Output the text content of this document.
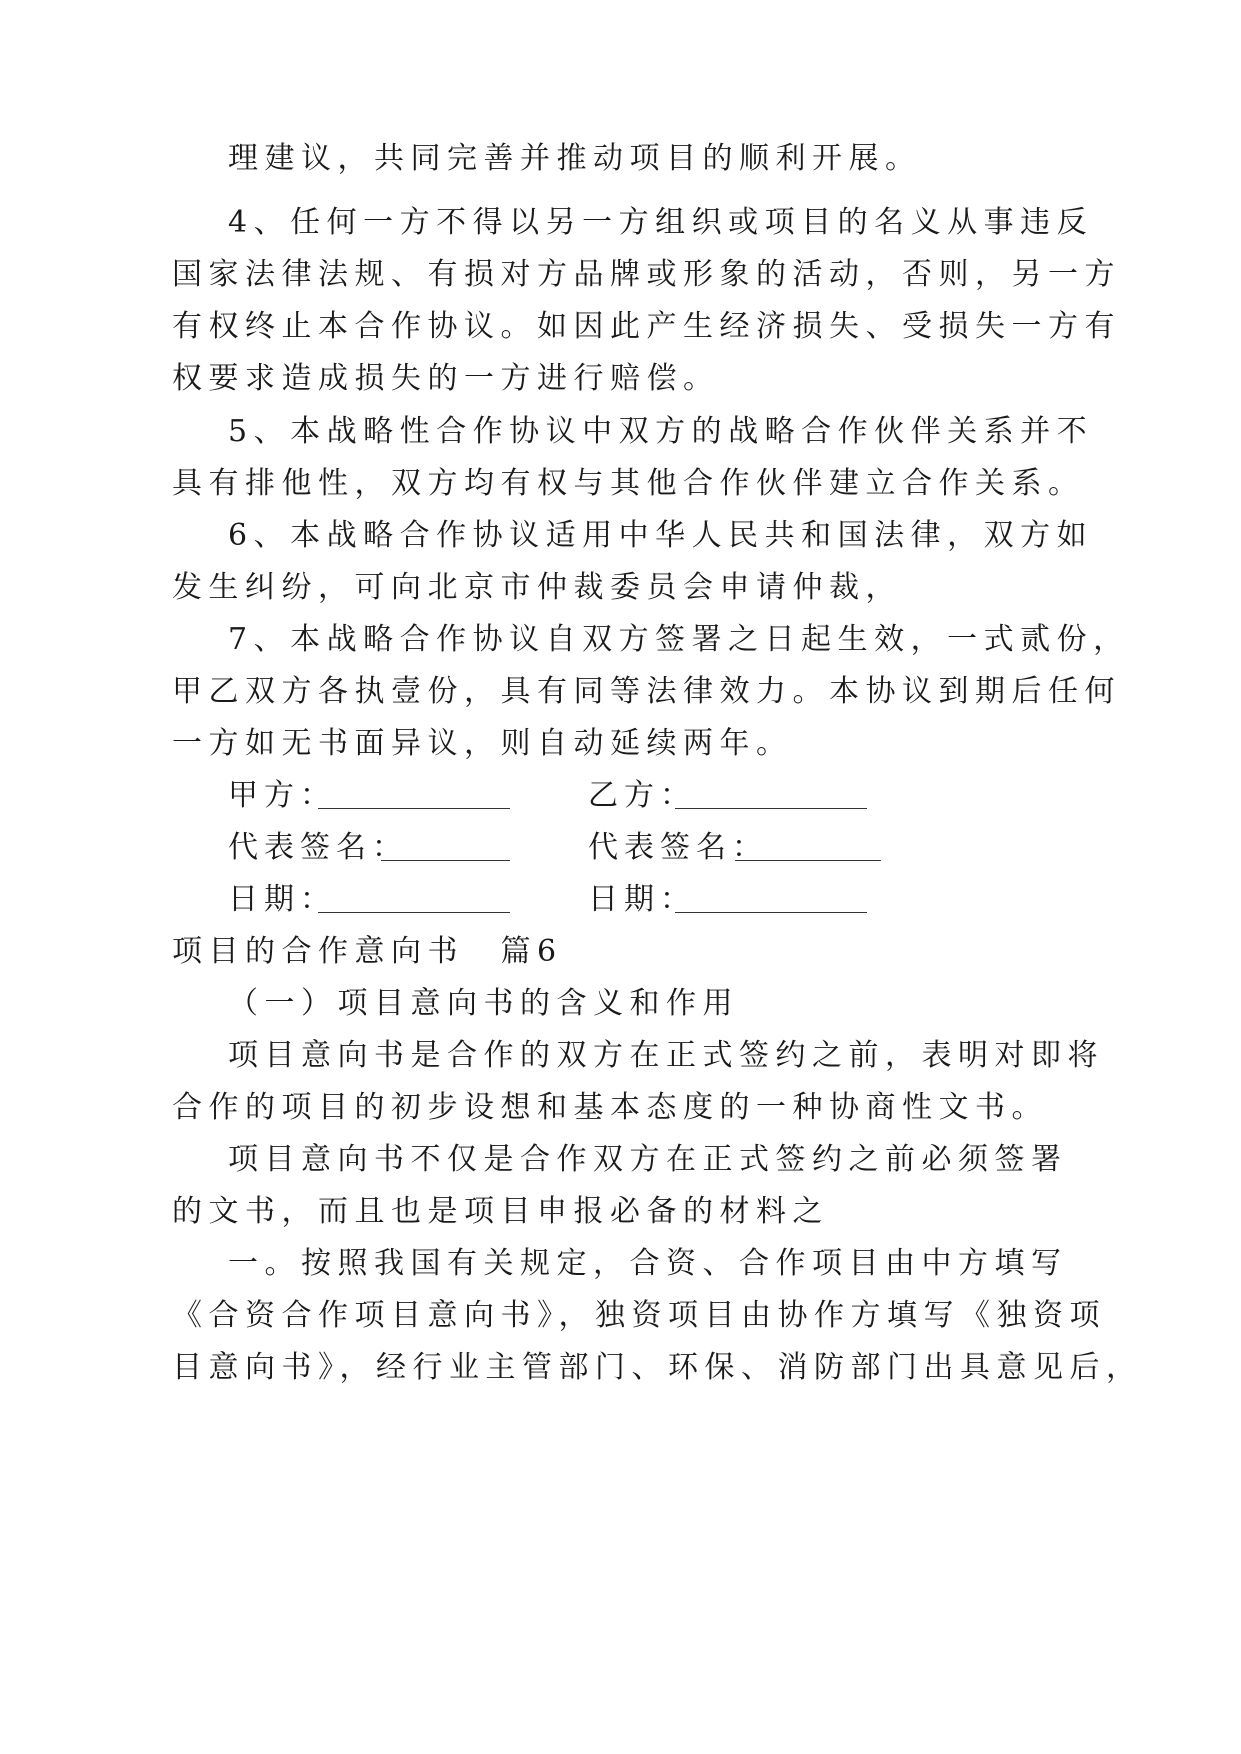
理建议，共同完善并推动项目的顺利开展。
4、任何一方不得以另一方组织或项目的名义从事违反
国家法律法规、有损对方品牌或形象的活动，否则，另一方
有权终止本合作协议。如因此产生经济损失、受损失一方有
权要求造成损失的一方进行赔偿。
5、本战略性合作协议中双方的战略合作伙伴关系并不
具有排他性，双方均有权与其他合作伙伴建立合作关系。
6、本战略合作协议适用中华人民共和国法律，双方如
发生纠纷，可向北京市仲裁委员会申请仲裁，
7、本战略合作协议自双方签署之日起生效，一式贰份，
甲乙双方各执壹份，具有同等法律效力。本协议到期后任何
一方如无书面异议，则自动延续两年。
甲方：	乙方：
代表签名：	代表签名：
日期：	日期：
项目的合作意向书　篇6
（一）项目意向书的含义和作用
项目意向书是合作的双方在正式签约之前，表明对即将
合作的项目的初步设想和基本态度的一种协商性文书。
项目意向书不仅是合作双方在正式签约之前必须签署
的文书，而且也是项目申报必备的材料之
一。按照我国有关规定，合资、合作项目由中方填写
《合资合作项目意向书》，独资项目由协作方填写《独资项
目意向书》，经行业主管部门、环保、消防部门出具意见后，
